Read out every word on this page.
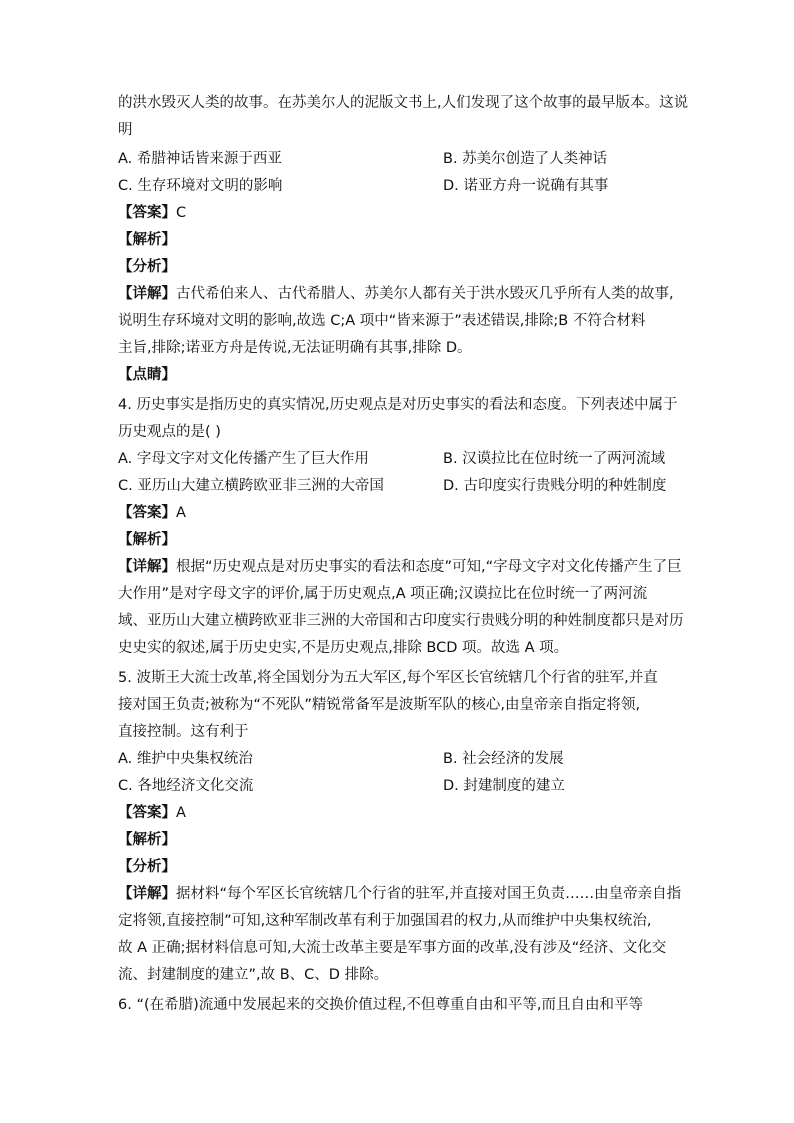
的洪水毁灭人类的故事。在苏美尔人的泥版文书上,人们发现了这个故事的最早版本。这说
明
A. 希腊神话皆来源于西亚	B. 苏美尔创造了人类神话
C. 生存环境对文明的影响	D. 诺亚方舟一说确有其事
【答案】C
【解析】
【分析】
【详解】古代希伯来人、古代希腊人、苏美尔人都有关于洪水毁灭几乎所有人类的故事,
说明生存环境对文明的影响,故选 C;A 项中“皆来源于”表述错误,排除;B 不符合材料
主旨,排除;诺亚方舟是传说,无法证明确有其事,排除 D。
【点睛】
4. 历史事实是指历史的真实情况,历史观点是对历史事实的看法和态度。下列表述中属于
历史观点的是( )
A. 字母文字对文化传播产生了巨大作用	B. 汉谟拉比在位时统一了两河流域
C. 亚历山大建立横跨欧亚非三洲的大帝国	D. 古印度实行贵贱分明的种姓制度
【答案】A
【解析】
【详解】根据“历史观点是对历史事实的看法和态度”可知,“字母文字对文化传播产生了巨
大作用”是对字母文字的评价,属于历史观点,A 项正确;汉谟拉比在位时统一了两河流
域、亚历山大建立横跨欧亚非三洲的大帝国和古印度实行贵贱分明的种姓制度都只是对历
史史实的叙述,属于历史史实,不是历史观点,排除 BCD 项。故选 A 项。
5. 波斯王大流士改革,将全国划分为五大军区,每个军区长官统辖几个行省的驻军,并直
接对国王负责;被称为“不死队”精锐常备军是波斯军队的核心,由皇帝亲自指定将领,
直接控制。这有利于
A. 维护中央集权统治	B. 社会经济的发展
C. 各地经济文化交流	D. 封建制度的建立
【答案】A
【解析】
【分析】
【详解】据材料“每个军区长官统辖几个行省的驻军,并直接对国王负责……由皇帝亲自指
定将领,直接控制”可知,这种军制改革有利于加强国君的权力,从而维护中央集权统治,
故 A 正确;据材料信息可知,大流士改革主要是军事方面的改革,没有涉及“经济、文化交
流、封建制度的建立”,故 B、C、D 排除。
6. “(在希腊)流通中发展起来的交换价值过程,不但尊重自由和平等,而且自由和平等
